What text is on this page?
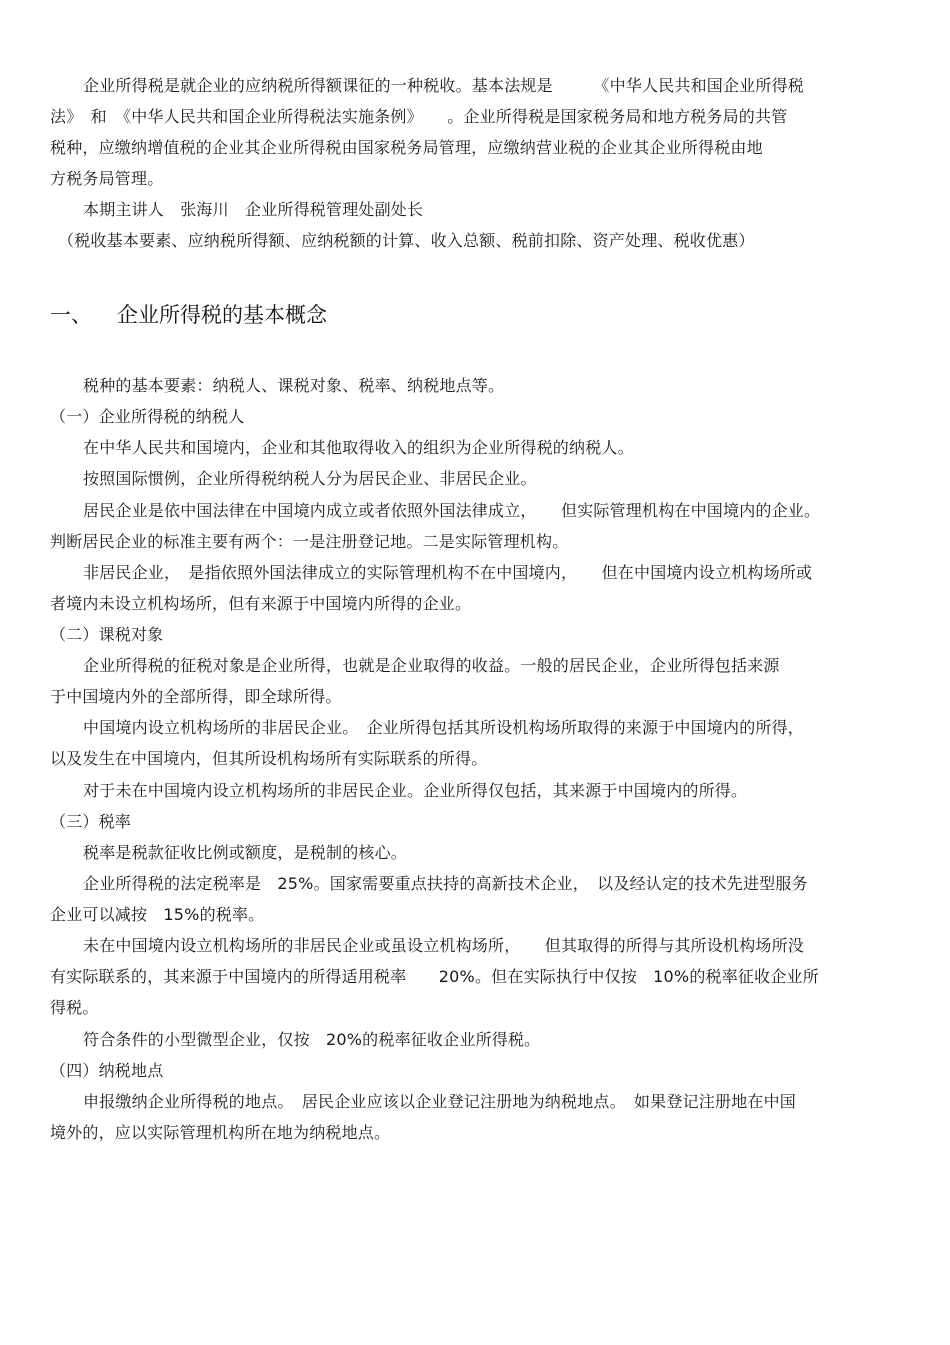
企业所得税是就企业的应纳税所得额课征的一种税收。基本法规是　　　《中华人民共和国企业所得税
法》　和　《中华人民共和国企业所得税法实施条例》　　。企业所得税是国家税务局和地方税务局的共管
税种，应缴纳增值税的企业其企业所得税由国家税务局管理，应缴纳营业税的企业其企业所得税由地
方税务局管理。
本期主讲人　张海川　企业所得税管理处副处长
（税收基本要素、应纳税所得额、应纳税额的计算、收入总额、税前扣除、资产处理、税收优惠）
一、 企业所得税的基本概念
税种的基本要素：纳税人、课税对象、税率、纳税地点等。
（一）企业所得税的纳税人
在中华人民共和国境内，企业和其他取得收入的组织为企业所得税的纳税人。
按照国际惯例，企业所得税纳税人分为居民企业、非居民企业。
居民企业是依中国法律在中国境内成立或者依照外国法律成立，　　但实际管理机构在中国境内的企业。
判断居民企业的标准主要有两个：一是注册登记地。二是实际管理机构。
非居民企业，　是指依照外国法律成立的实际管理机构不在中国境内，　　但在中国境内设立机构场所或
者境内未设立机构场所，但有来源于中国境内所得的企业。
（二）课税对象
企业所得税的征税对象是企业所得，也就是企业取得的收益。一般的居民企业，企业所得包括来源
于中国境内外的全部所得，即全球所得。
中国境内设立机构场所的非居民企业。　企业所得包括其所设机构场所取得的来源于中国境内的所得，
以及发生在中国境内，但其所设机构场所有实际联系的所得。
对于未在中国境内设立机构场所的非居民企业。企业所得仅包括，其来源于中国境内的所得。
（三）税率
税率是税款征收比例或额度，是税制的核心。
企业所得税的法定税率是　25%。国家需要重点扶持的高新技术企业，　以及经认定的技术先进型服务
企业可以减按　15%的税率。
未在中国境内设立机构场所的非居民企业或虽设立机构场所，　　但其取得的所得与其所设机构场所没
有实际联系的，其来源于中国境内的所得适用税率　　20%。但在实际执行中仅按　10%的税率征收企业所
得税。
符合条件的小型微型企业，仅按　20%的税率征收企业所得税。
（四）纳税地点
申报缴纳企业所得税的地点。　居民企业应该以企业登记注册地为纳税地点。　如果登记注册地在中国
境外的，应以实际管理机构所在地为纳税地点。
